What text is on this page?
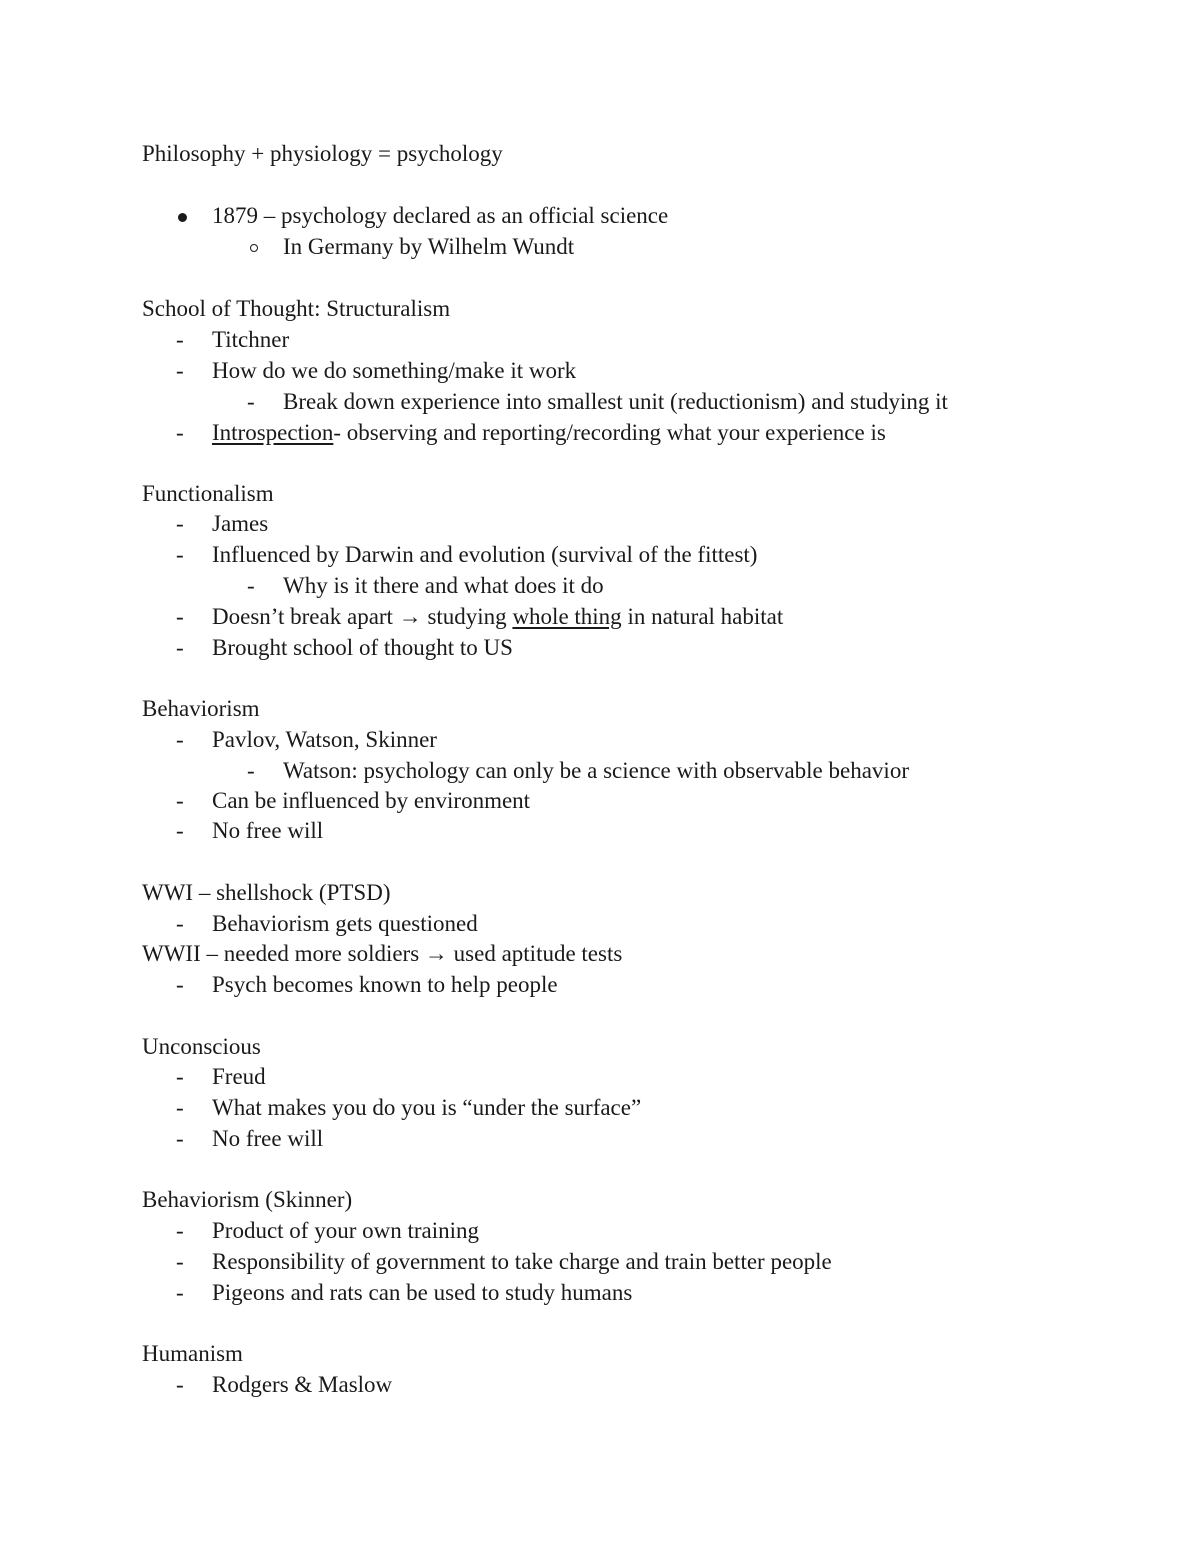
Philosophy + physiology = psychology
1879 – psychology declared as an official science
In Germany by Wilhelm Wundt
School of Thought: Structuralism
- Titchner
- How do we do something/make it work
- Break down experience into smallest unit (reductionism) and studying it
- Introspection- observing and reporting/recording what your experience is
Functionalism
- James
- Influenced by Darwin and evolution (survival of the fittest)
- Why is it there and what does it do
- Doesn’t break apart → studying whole thing in natural habitat
- Brought school of thought to US
Behaviorism
- Pavlov, Watson, Skinner
- Watson: psychology can only be a science with observable behavior
- Can be influenced by environment
- No free will
WWI – shellshock (PTSD)
- Behaviorism gets questioned
WWII – needed more soldiers → used aptitude tests
- Psych becomes known to help people
Unconscious
- Freud
- What makes you do you is “under the surface”
- No free will
Behaviorism (Skinner)
- Product of your own training
- Responsibility of government to take charge and train better people
- Pigeons and rats can be used to study humans
Humanism
- Rodgers & Maslow
